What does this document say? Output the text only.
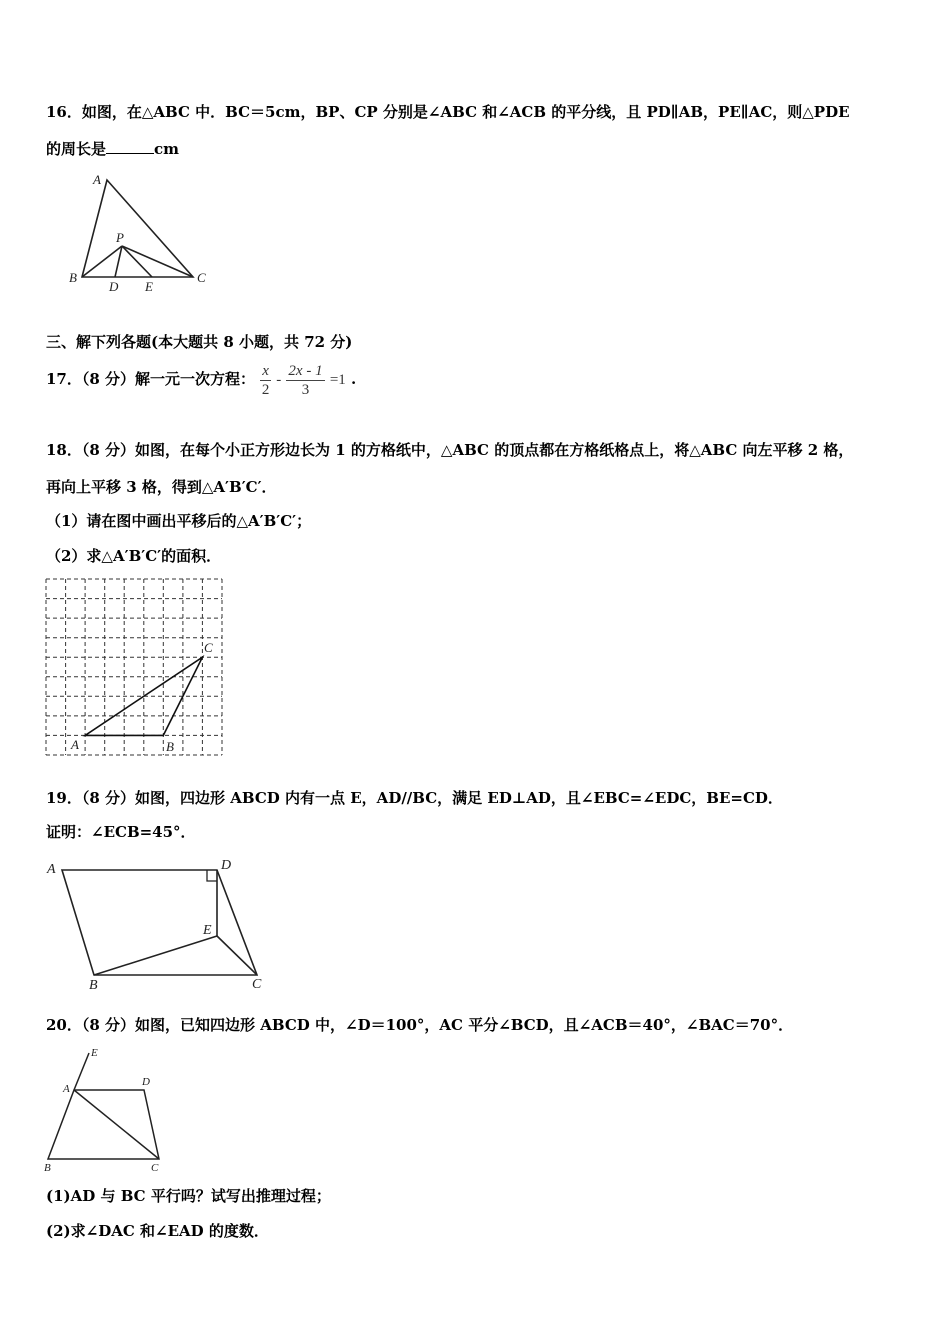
16．如图，在△ABC 中．BC＝5cm，BP、CP 分别是∠ABC 和∠ACB 的平分线，且 PD∥AB，PE∥AC，则△PDE
的周长是	cm
A
P
B
D E
C
三、解下列各题(本大题共 8 小题，共 72 分)
17．（8 分）解一元一次方程： $\frac{x}{2} - \frac{2x - 1}{3} =1$ .
18．（8 分）如图，在每个小正方形边长为 1 的方格纸中，△ABC 的顶点都在方格纸格点上，将△ABC 向左平移 2 格，
再向上平移 3 格，得到△A′B′C′．
（1）请在图中画出平移后的△A′B′C′；
（2）求△A′B′C′的面积．
A	B
C
19．（8 分）如图，四边形 ABCD 内有一点 E，AD//BC，满足 ED⊥AD，且∠EBC=∠EDC，BE=CD．
证明：∠ECB=45°．
A	D
E
B	C
20．（8 分）如图，已知四边形 ABCD 中，∠D＝100°，AC 平分∠BCD，且∠ACB＝40°，∠BAC＝70°．
E
A
D
B	C
(1)AD 与 BC 平行吗？试写出推理过程；
(2)求∠DAC 和∠EAD 的度数．
